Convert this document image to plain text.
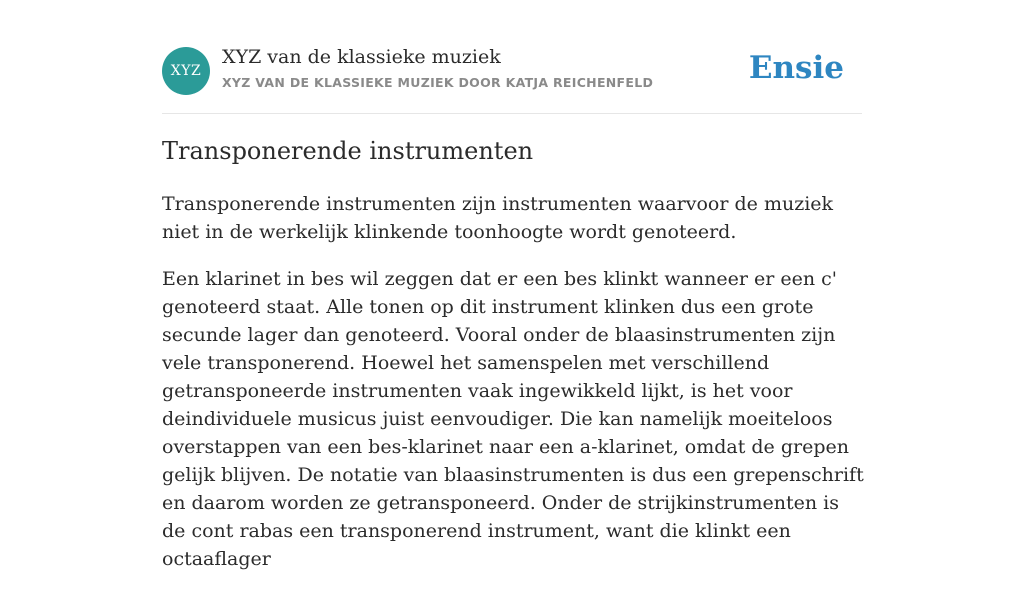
XYZ
XYZ van de klassieke muziek
XYZ VAN DE KLASSIEKE MUZIEK DOOR KATJA REICHENFELD	Ensie
Transponerende instrumenten

Transponerende instrumenten zijn instrumenten waarvoor de muziek niet in de werkelijk klinkende toonhoogte wordt genoteerd.

Een klarinet in bes wil zeggen dat er een bes klinkt wanneer er een c' genoteerd staat. Alle tonen op dit instrument klinken dus een grote secunde lager dan genoteerd. Vooral onder de blaasinstrumenten zijn vele transponerend. Hoewel het samenspelen met verschillend getransponeerde instrumenten vaak ingewikkeld lijkt, is het voor deindividuele musicus juist eenvoudiger. Die kan namelijk moeiteloos overstappen van een bes-klarinet naar een a-klarinet, omdat de grepen gelijk blijven. De notatie van blaasinstrumenten is dus een grepenschrift en daarom worden ze getransponeerd. Onder de strijkinstrumenten is de cont rabas een transponerend instrument, want die klinkt een octaaflager
